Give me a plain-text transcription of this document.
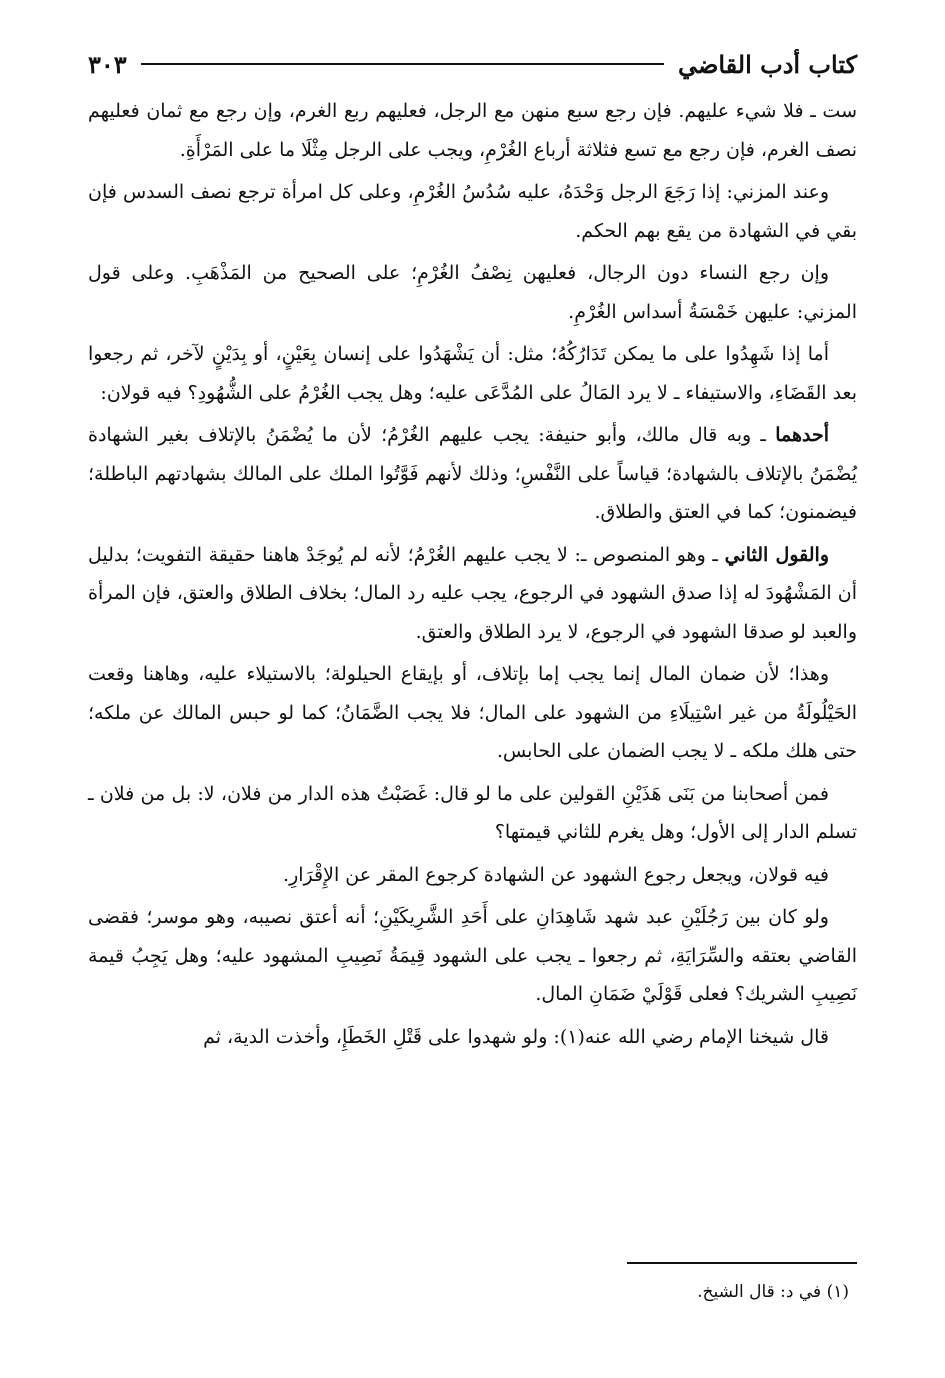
كتاب أدب القاضي
٣٠٣

ست ـ فلا شيء عليهم. فإن رجع سبع منهن مع الرجل، فعليهم ربع الغرم، وإن رجع مع ثمان فعليهم نصف الغرم، فإن رجع مع تسع فثلاثة أرباع الغُرْمِ، ويجب على الرجل مِثْلَا ما على المَرْأَةِ.

وعند المزني: إذا رَجَعَ الرجل وَحْدَهُ، عليه سُدُسُ الغُرْمِ، وعلى كل امرأة ترجع نصف السدس فإن بقي في الشهادة من يقع بهم الحكم.

وإن رجع النساء دون الرجال، فعليهن نِصْفُ الغُرْمِ؛ على الصحيح من المَذْهَبِ. وعلى قول المزني: عليهن خَمْسَةُ أسداس الغُرْمِ.

أما إذا شَهِدُوا على ما يمكن تَدَارُكُهُ؛ مثل: أن يَشْهَدُوا على إنسان بِعَيْنٍ، أو بِدَيْنٍ لآخر، ثم رجعوا بعد القَضَاءِ، والاستيفاء ـ لا يرد المَالُ على المُدَّعَى عليه؛ وهل يجب الغُرْمُ على الشُّهُودِ؟ فيه قولان:

أحدهما ـ وبه قال مالك، وأبو حنيفة: يجب عليهم الغُرْمُ؛ لأن ما يُضْمَنُ بالإتلاف بغير الشهادة يُضْمَنُ بالإتلاف بالشهادة؛ قياساً على النَّفْسِ؛ وذلك لأنهم فَوَّتُوا الملك على المالك بشهادتهم الباطلة؛ فيضمنون؛ كما في العتق والطلاق.

والقول الثاني ـ وهو المنصوص ـ: لا يجب عليهم الغُرْمُ؛ لأنه لم يُوجَدْ هاهنا حقيقة التفويت؛ بدليل أن المَشْهُودَ له إذا صدق الشهود في الرجوع، يجب عليه رد المال؛ بخلاف الطلاق والعتق، فإن المرأة والعبد لو صدقا الشهود في الرجوع، لا يرد الطلاق والعتق.

وهذا؛ لأن ضمان المال إنما يجب إما بإتلاف، أو بإيقاع الحيلولة؛ بالاستيلاء عليه، وهاهنا وقعت الحَيْلُولَةُ من غير اسْتِيلَاءِ من الشهود على المال؛ فلا يجب الضَّمَانُ؛ كما لو حبس المالك عن ملكه؛ حتى هلك ملكه ـ لا يجب الضمان على الحابس.

فمن أصحابنا من بَنَى هَذَيْنِ القولين على ما لو قال: غَصَبْتُ هذه الدار من فلان، لا: بل من فلان ـ تسلم الدار إلى الأول؛ وهل يغرم للثاني قيمتها؟

فيه قولان، ويجعل رجوع الشهود عن الشهادة كرجوع المقر عن الإِقْرَارِ.

ولو كان بين رَجُلَيْنِ عبد شهد شَاهِدَانِ على أَحَدِ الشَّرِيكَيْنِ؛ أنه أعتق نصيبه، وهو موسر؛ فقضى القاضي بعتقه والسِّرَايَةِ، ثم رجعوا ـ يجب على الشهود قِيمَةُ نَصِيبِ المشهود عليه؛ وهل يَجِبُ قيمة نَصِيبِ الشريك؟ فعلى قَوْلَيْ ضَمَانِ المال.

قال شيخنا الإمام رضي الله عنه(١): ولو شهدوا على قَتْلِ الخَطَإِ، وأخذت الدية، ثم

(١) في د: قال الشيخ.
